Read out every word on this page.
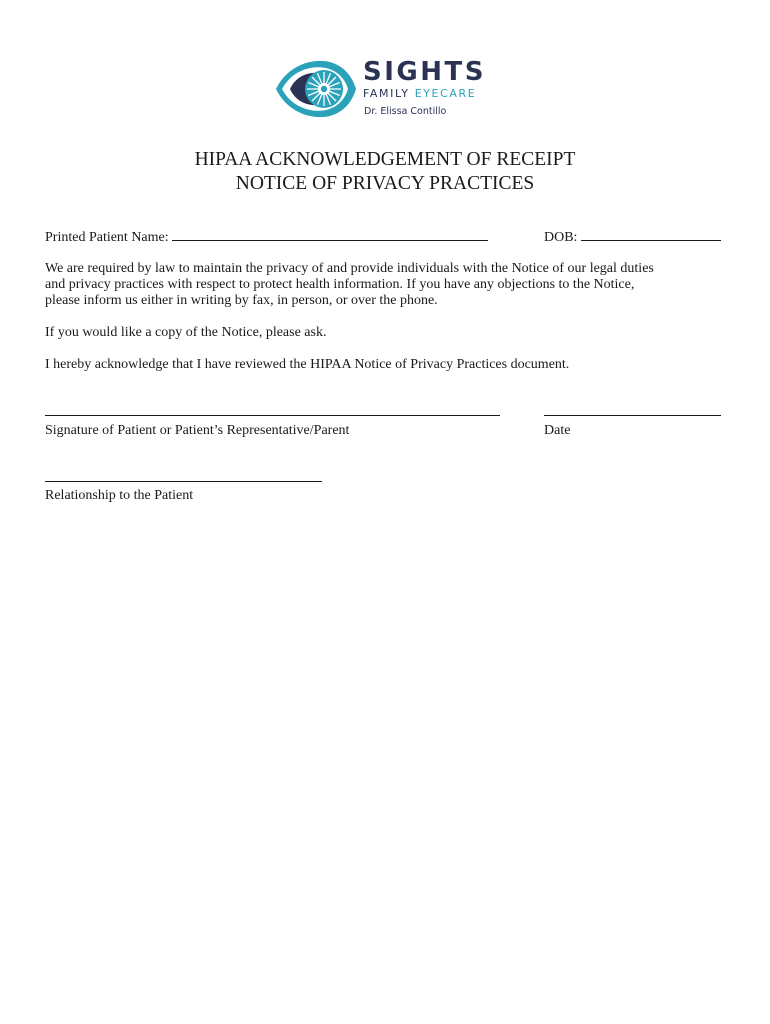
SIGHTS
FAMILY EYECARE
Dr. Elissa Contillo
HIPAA ACKNOWLEDGEMENT OF RECEIPT
NOTICE OF PRIVACY PRACTICES
Printed Patient Name:	DOB:
We are required by law to maintain the privacy of and provide individuals with the Notice of our legal duties
and privacy practices with respect to protect health information. If you have any objections to the Notice,
please inform us either in writing by fax, in person, or over the phone.
If you would like a copy of the Notice, please ask.
I hereby acknowledge that I have reviewed the HIPAA Notice of Privacy Practices document.
Signature of Patient or Patient’s Representative/Parent	Date
Relationship to the Patient
